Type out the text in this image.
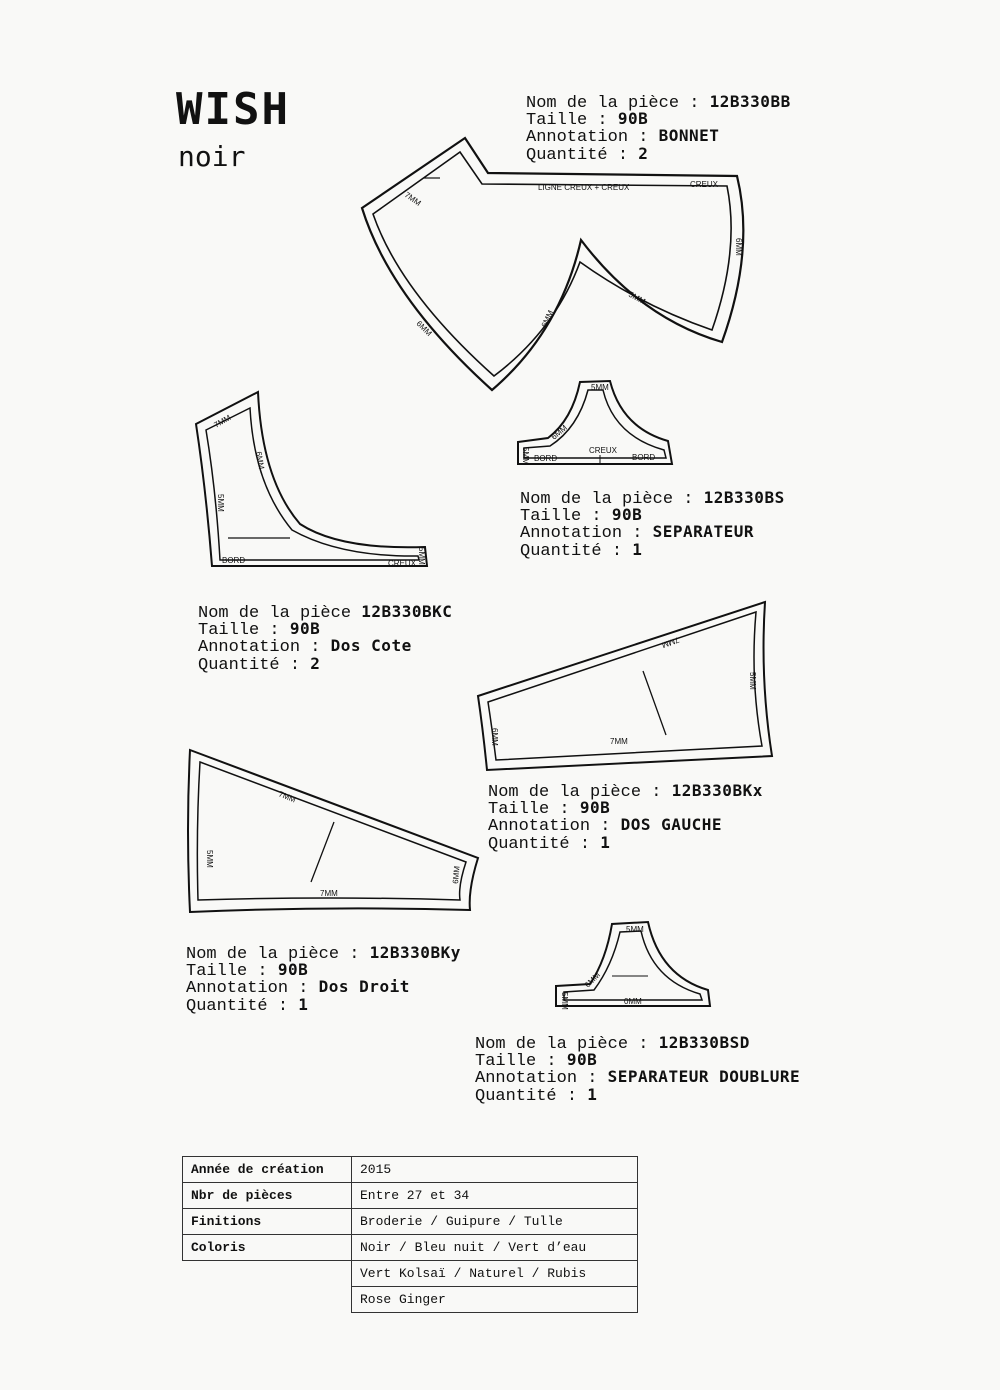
WISH
noir
7MM
LIGNE CREUX + CREUX	CREUX
6MM
5MM
6MM
6MM
Nom de la pièce : 12B330BB
Taille : 90B
Annotation : BONNET
Quantité : 2
5MM
6MM
CREUX
5MM BORD	BORD
Nom de la pièce : 12B330BS
Taille : 90B
Annotation : SEPARATEUR
Quantité : 1
7MM
6MM
5MM
BORD	CREUX 5MM
Nom de la pièce 12B330BKC
Taille : 90B
Annotation : Dos Cote
Quantité : 2
7MM
5MM
6MM	7MM
Nom de la pièce : 12B330BKx
Taille : 90B
Annotation : DOS GAUCHE
Quantité : 1
7MM
5MM
7MM
6MM
Nom de la pièce : 12B330BKy
Taille : 90B
Annotation : Dos Droit
Quantité : 1
5MM
6MM
5MM	0MM
Nom de la pièce : 12B330BSD
Taille : 90B
Annotation : SEPARATEUR DOUBLURE
Quantité : 1
Année de création	2015
Nbr de pièces	Entre 27 et 34
Finitions	Broderie / Guipure / Tulle
Coloris	Noir / Bleu nuit / Vert d’eau
	Vert Kolsaï / Naturel / Rubis
	Rose Ginger
